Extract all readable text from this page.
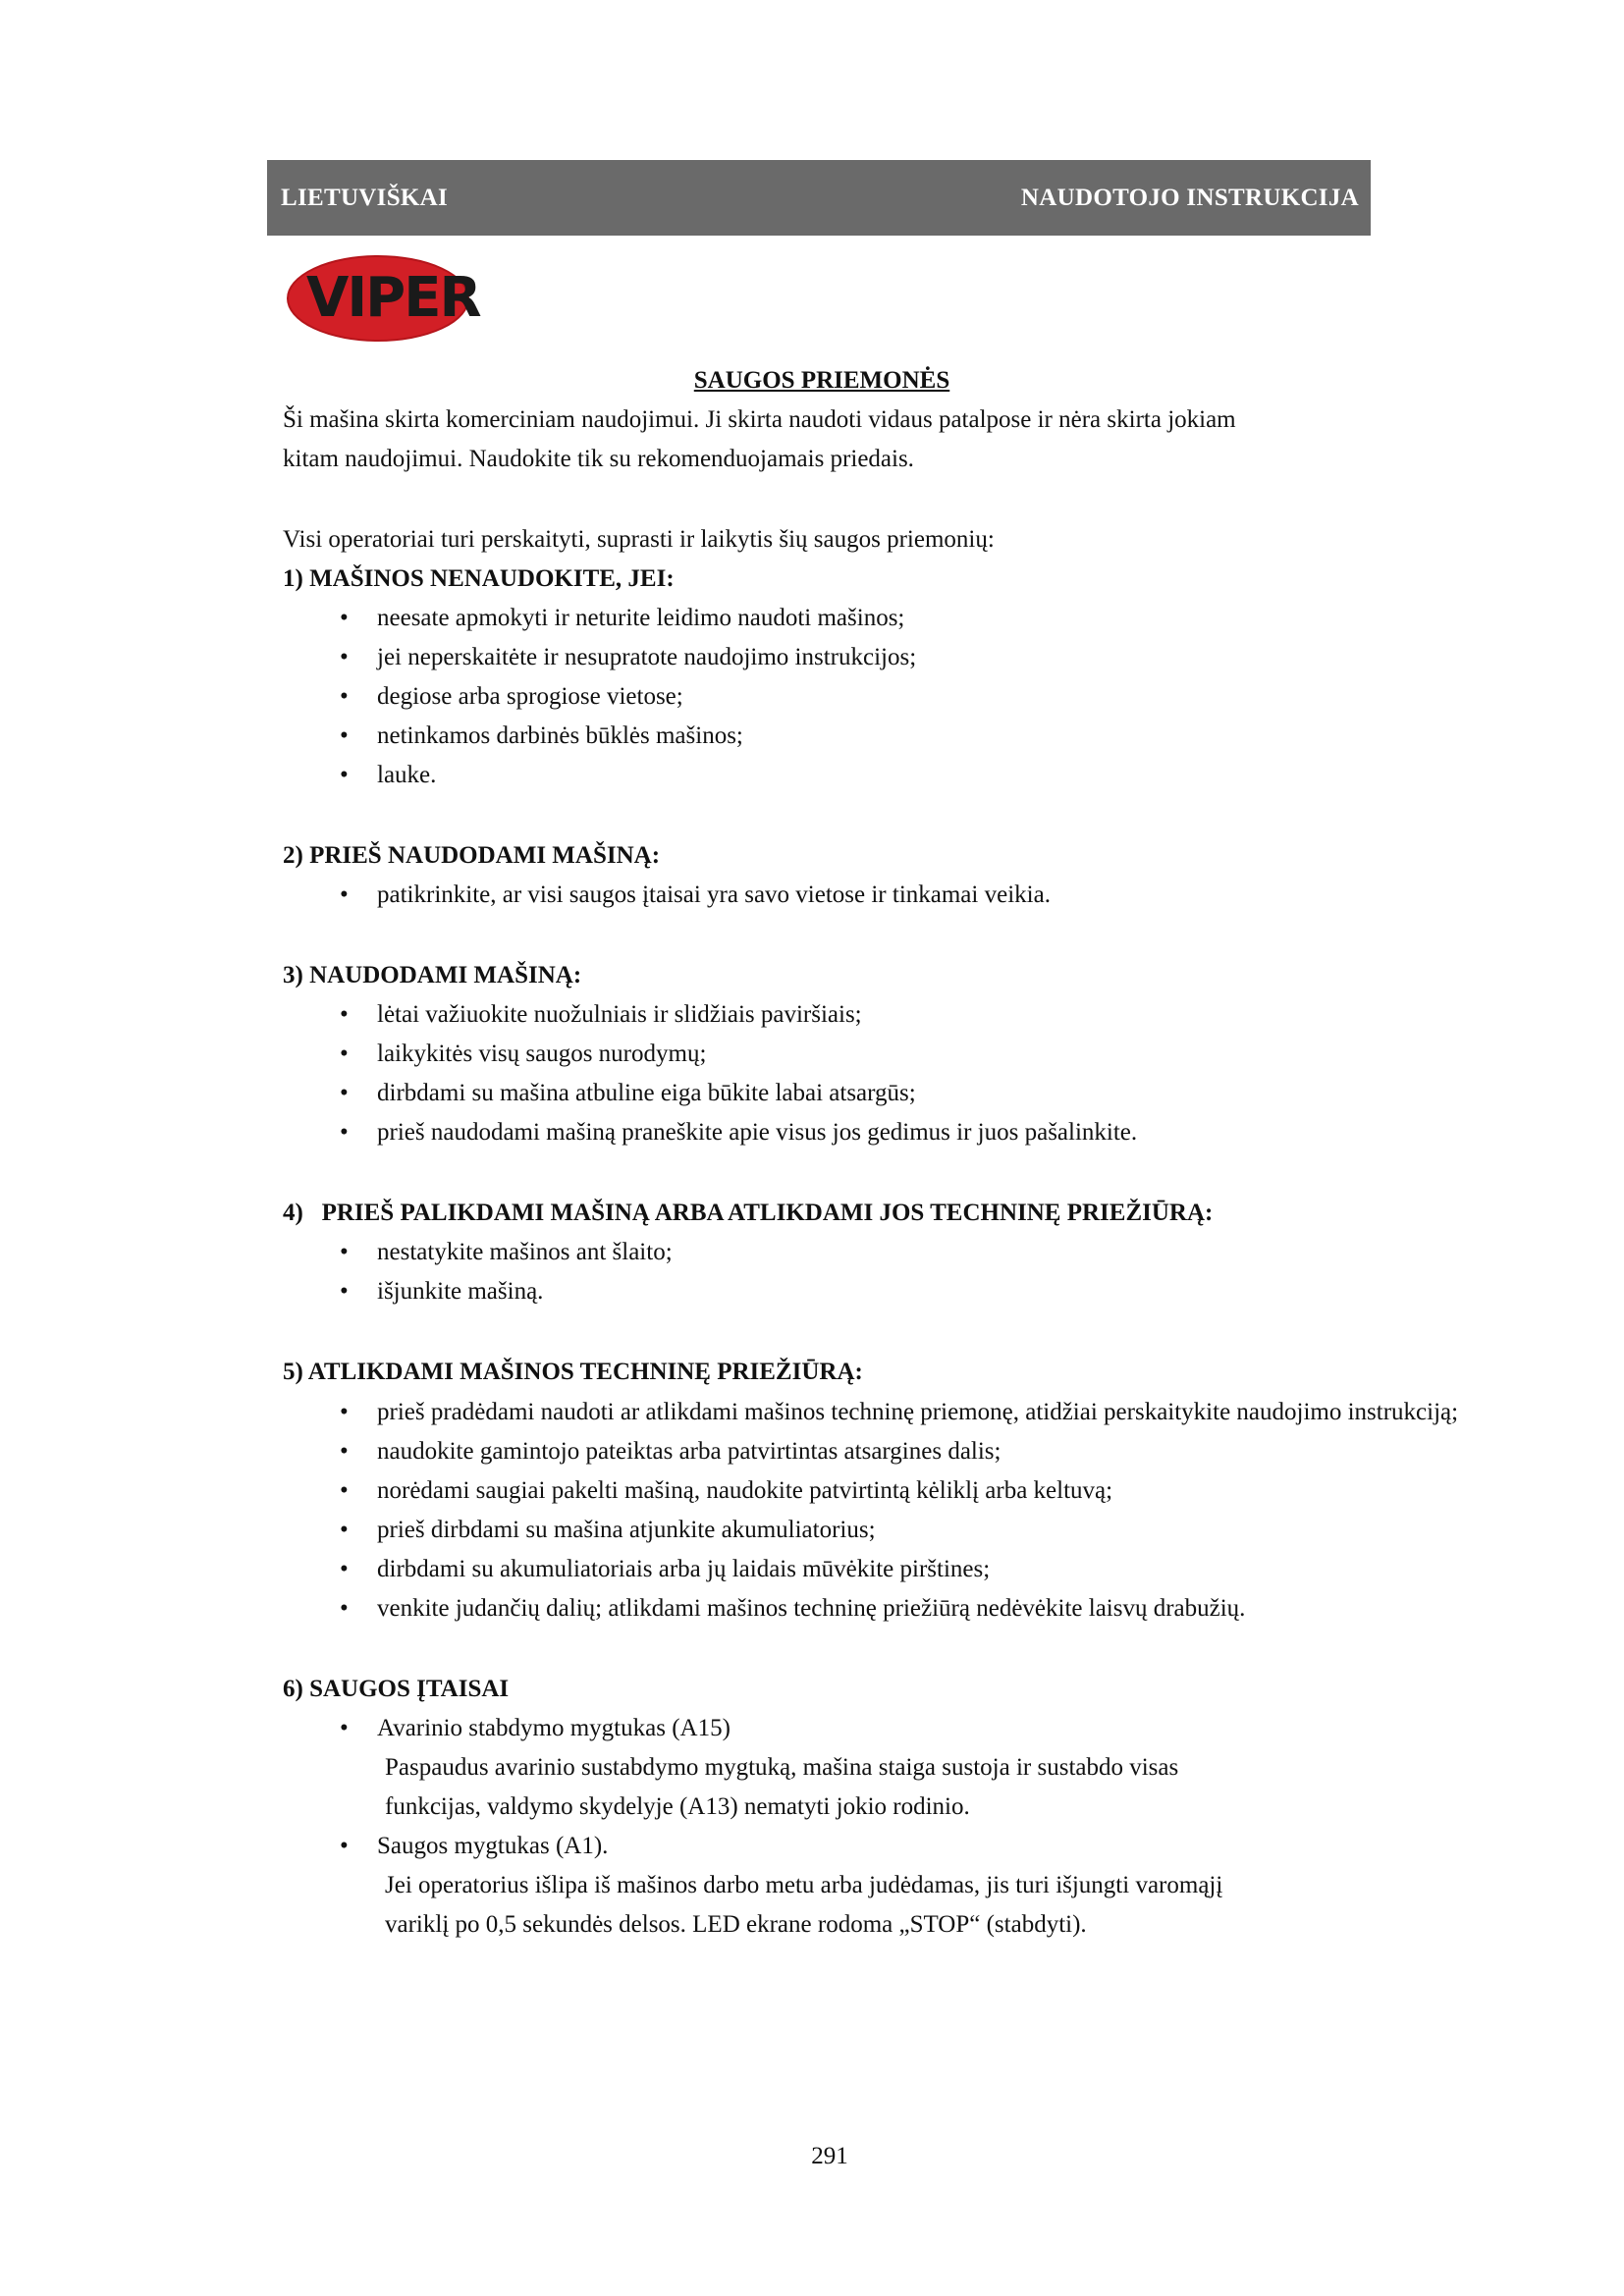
LIETUVIŠKAI	NAUDOTOJO INSTRUKCIJA
VIPER
SAUGOS PRIEMONĖS

Ši mašina skirta komerciniam naudojimui. Ji skirta naudoti vidaus patalpose ir nėra skirta jokiam

kitam naudojimui. Naudokite tik su rekomenduojamais priedais.

Visi operatoriai turi perskaityti, suprasti ir laikytis šių saugos priemonių:

1) MAŠINOS NENAUDOKITE, JEI:

• neesate apmokyti ir neturite leidimo naudoti mašinos;
• jei neperskaitėte ir nesupratote naudojimo instrukcijos;
• degiose arba sprogiose vietose;
• netinkamos darbinės būklės mašinos;
• lauke.

2) PRIEŠ NAUDODAMI MAŠINĄ:

• patikrinkite, ar visi saugos įtaisai yra savo vietose ir tinkamai veikia.

3) NAUDODAMI MAŠINĄ:

• lėtai važiuokite nuožulniais ir slidžiais paviršiais;
• laikykitės visų saugos nurodymų;
• dirbdami su mašina atbuline eiga būkite labai atsargūs;
• prieš naudodami mašiną praneškite apie visus jos gedimus ir juos pašalinkite.

4)   PRIEŠ PALIKDAMI MAŠINĄ ARBA ATLIKDAMI JOS TECHNINĘ PRIEŽIŪRĄ:

• nestatykite mašinos ant šlaito;
• išjunkite mašiną.

5) ATLIKDAMI MAŠINOS TECHNINĘ PRIEŽIŪRĄ:

• prieš pradėdami naudoti ar atlikdami mašinos techninę priemonę, atidžiai perskaitykite naudojimo instrukciją;
• naudokite gamintojo pateiktas arba patvirtintas atsargines dalis;
• norėdami saugiai pakelti mašiną, naudokite patvirtintą kėliklį arba keltuvą;
• prieš dirbdami su mašina atjunkite akumuliatorius;
• dirbdami su akumuliatoriais arba jų laidais mūvėkite pirštines;
• venkite judančių dalių; atlikdami mašinos techninę priežiūrą nedėvėkite laisvų drabužių.

6) SAUGOS ĮTAISAI

• Avarinio stabdymo mygtukas (A15)
Paspaudus avarinio sustabdymo mygtuką, mašina staiga sustoja ir sustabdo visas
funkcijas, valdymo skydelyje (A13) nematyti jokio rodinio.
• Saugos mygtukas (A1).
Jei operatorius išlipa iš mašinos darbo metu arba judėdamas, jis turi išjungti varomąjį
variklį po 0,5 sekundės delsos. LED ekrane rodoma „STOP“ (stabdyti).
291
